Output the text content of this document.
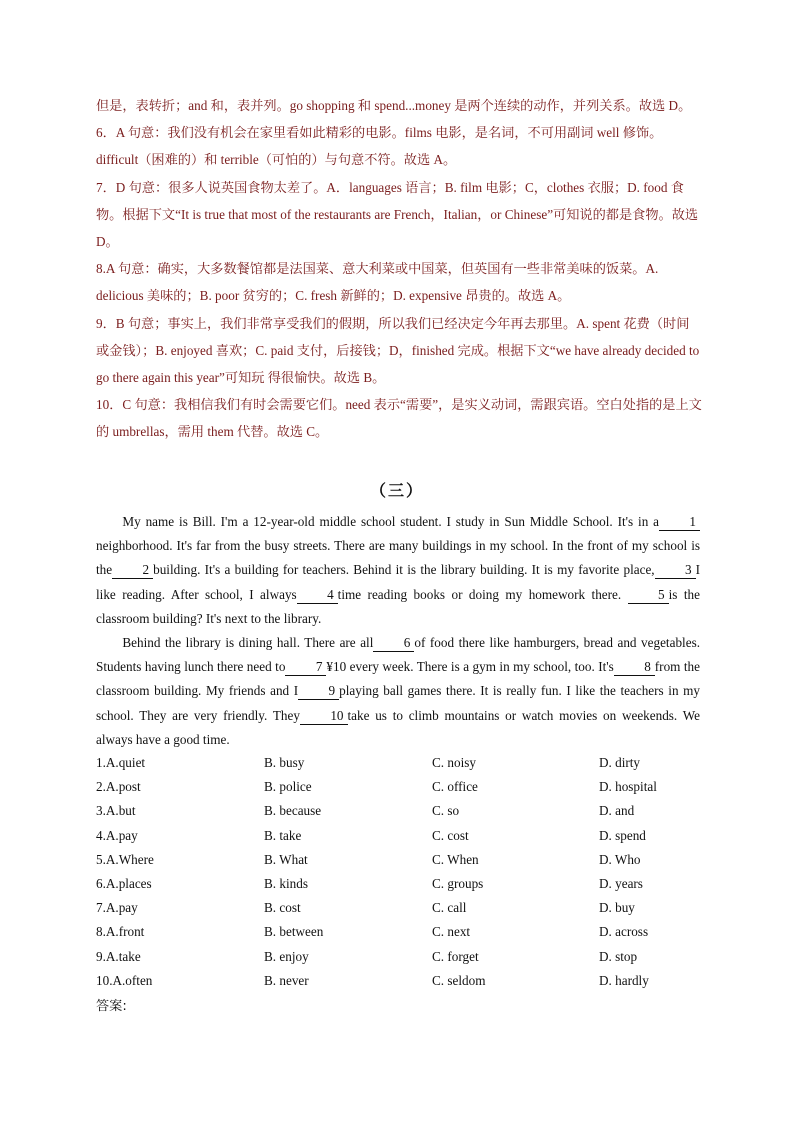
但是，表转折；and 和，表并列。go shopping 和 spend...money 是两个连续的动作，并列关系。故选 D。

6．A 句意：我们没有机会在家里看如此精彩的电影。films 电影，是名词，不可用副词 well 修饰。difficult（困难的）和 terrible（可怕的）与句意不符。故选 A。

7．D 句意：很多人说英国食物太差了。A．languages 语言；B. film 电影；C，clothes 衣服；D. food 食物。根据下文“It is true that most of the restaurants are French，Italian，or Chinese”可知说的都是食物。故选 D。

8.A 句意：确实，大多数餐馆都是法国菜、意大利菜或中国菜，但英国有一些非常美味的饭菜。A. delicious 美味的；B. poor 贫穷的；C. fresh 新鲜的；D. expensive 昂贵的。故选 A。

9．B 句意；事实上，我们非常享受我们的假期，所以我们已经决定今年再去那里。A. spent 花费（时间或金钱）；B. enjoyed 喜欢；C. paid 支付，后接钱；D，finished 完成。根据下文“we have already decided to go there again this year”可知玩 得很愉快。故选 B。

10．C 句意：我相信我们有时会需要它们。need 表示“需要”，是实义动词，需跟宾语。空白处指的是上文的 umbrellas，需用 them 代替。故选 C。

（三）

My name is Bill. I'm a 12-year-old middle school student. I study in Sun Middle School. It's in a 1 neighborhood. It's far from the busy streets. There are many buildings in my school. In the front of my school is the 2 building. It's a building for teachers. Behind it is the library building. It is my favorite place, 3 I like reading. After school, I always 4 time reading books or doing my homework there. 5 is the classroom building? It's next to the library.

Behind the library is dining hall. There are all 6 of food there like hamburgers, bread and vegetables. Students having lunch there need to 7 ¥10 every week. There is a gym in my school, too. It's 8 from the classroom building. My friends and I 9 playing ball games there. It is really fun. I like the teachers in my school. They are very friendly. They 10 take us to climb mountains or watch movies on weekends. We always have a good time.

1.A.quiet	B. busy	C. noisy	D. dirty
2.A.post	B. police	C. office	D. hospital
3.A.but	B. because	C. so	D. and
4.A.pay	B. take	C. cost	D. spend
5.A.Where	B. What	C. When	D. Who
6.A.places	B. kinds	C. groups	D. years
7.A.pay	B. cost	C. call	D. buy
8.A.front	B. between	C. next	D. across
9.A.take	B. enjoy	C. forget	D. stop
10.A.often	B. never	C. seldom	D. hardly
答案:
